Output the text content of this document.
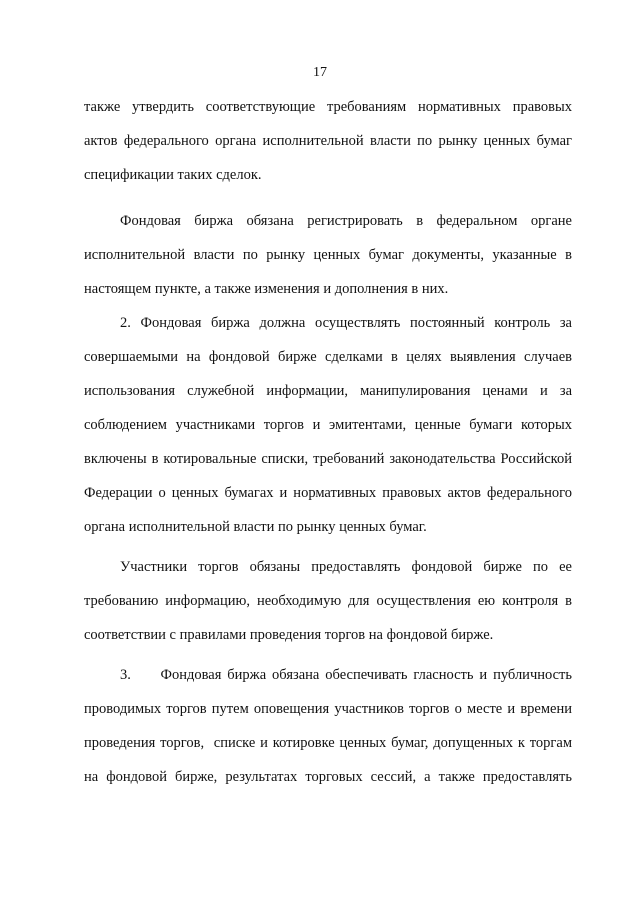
17
также утвердить соответствующие требованиям нормативных правовых
актов федерального органа исполнительной власти по рынку ценных бумаг
спецификации таких сделок.
Фондовая биржа обязана регистрировать в федеральном органе
исполнительной власти по рынку ценных бумаг документы, указанные в
настоящем пункте, а также изменения и дополнения в них.
2. Фондовая биржа должна осуществлять постоянный контроль за
совершаемыми на фондовой бирже сделками в целях выявления случаев
использования служебной информации, манипулирования ценами и за
соблюдением участниками торгов и эмитентами, ценные бумаги которых
включены в котировальные списки, требований законодательства Российской
Федерации о ценных бумагах и нормативных правовых актов федерального
органа исполнительной власти по рынку ценных бумаг.
Участники торгов обязаны предоставлять фондовой бирже по ее
требованию информацию, необходимую для осуществления ею контроля в
соответствии с правилами проведения торгов на фондовой бирже.
3.     Фондовая биржа обязана обеспечивать гласность и публичность
проводимых торгов путем оповещения участников торгов о месте и времени
проведения торгов,  списке и котировке ценных бумаг, допущенных к торгам
на фондовой бирже, результатах торговых сессий, а также предоставлять
